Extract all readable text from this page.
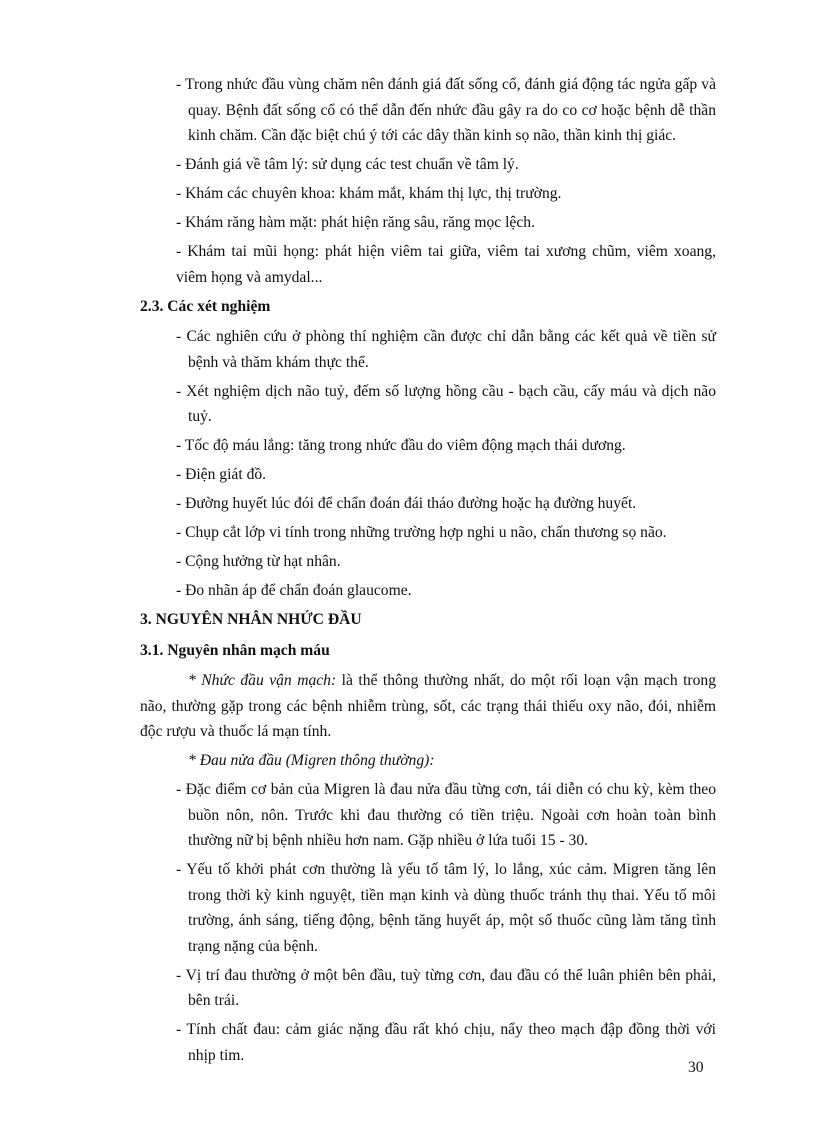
- Trong nhức đầu vùng chăm nên đánh giá đất sống cổ, đánh giá động tác ngửa gấp và quay. Bệnh đất sống cổ có thể dẫn đến nhức đầu gây ra do co cơ hoặc bệnh dễ thần kinh chăm. Cần đặc biệt chú ý tới các dây thần kinh sọ não, thần kinh thị giác.

- Đánh giá về tâm lý: sử dụng các test chuẩn về tâm lý.

- Khám các chuyên khoa: khám mắt, khám thị lực, thị trường.

- Khám răng hàm mặt: phát hiện răng sâu, răng mọc lệch.

- Khám tai mũi họng: phát hiện viêm tai giữa, viêm tai xương chũm, viêm xoang, viêm họng và amydal...

2.3. Các xét nghiệm

- Các nghiên cứu ở phòng thí nghiệm cần được chỉ dẫn bằng các kết quả về tiền sử bệnh và thăm khám thực thể.

- Xét nghiệm dịch não tuỷ, đếm số lượng hồng cầu - bạch cầu, cấy máu và dịch não tuỷ.

- Tốc độ máu lắng: tăng trong nhức đầu do viêm động mạch thái dương.

- Điện giát đồ.

- Đường huyết lúc đói để chẩn đoán đái tháo đường hoặc hạ đường huyết.

- Chụp cắt lớp vi tính trong những trường hợp nghi u não, chấn thương sọ não.

- Cộng hưởng từ hạt nhân.

- Đo nhãn áp để chẩn đoán glaucome.

3. NGUYÊN NHÂN NHỨC ĐẦU

3.1. Nguyên nhân mạch máu

* Nhức đầu vận mạch: là thể thông thường nhất, do một rối loạn vận mạch trong não, thường gặp trong các bệnh nhiễm trùng, sốt, các trạng thái thiếu oxy não, đói, nhiễm độc rượu và thuốc lá mạn tính.

* Đau nửa đầu (Migren thông thường):

- Đặc điểm cơ bản của Migren là đau nửa đầu từng cơn, tái diễn có chu kỳ, kèm theo buồn nôn, nôn. Trước khi đau thường có tiền triệu. Ngoài cơn hoàn toàn bình thường nữ bị bệnh nhiều hơn nam. Gặp nhiều ở lứa tuổi 15 - 30.

- Yếu tố khởi phát cơn thường là yếu tố tâm lý, lo lắng, xúc cảm. Migren tăng lên trong thời kỳ kinh nguyệt, tiền mạn kinh và dùng thuốc tránh thụ thai. Yếu tố môi trường, ánh sáng, tiếng động, bệnh tăng huyết áp, một số thuốc cũng làm tăng tình trạng nặng của bệnh.

- Vị trí đau thường ở một bên đầu, tuỳ từng cơn, đau đầu có thể luân phiên bên phải, bên trái.

- Tính chất đau: cảm giác nặng đầu rất khó chịu, nẩy theo mạch đập đồng thời với nhịp tim.

30
